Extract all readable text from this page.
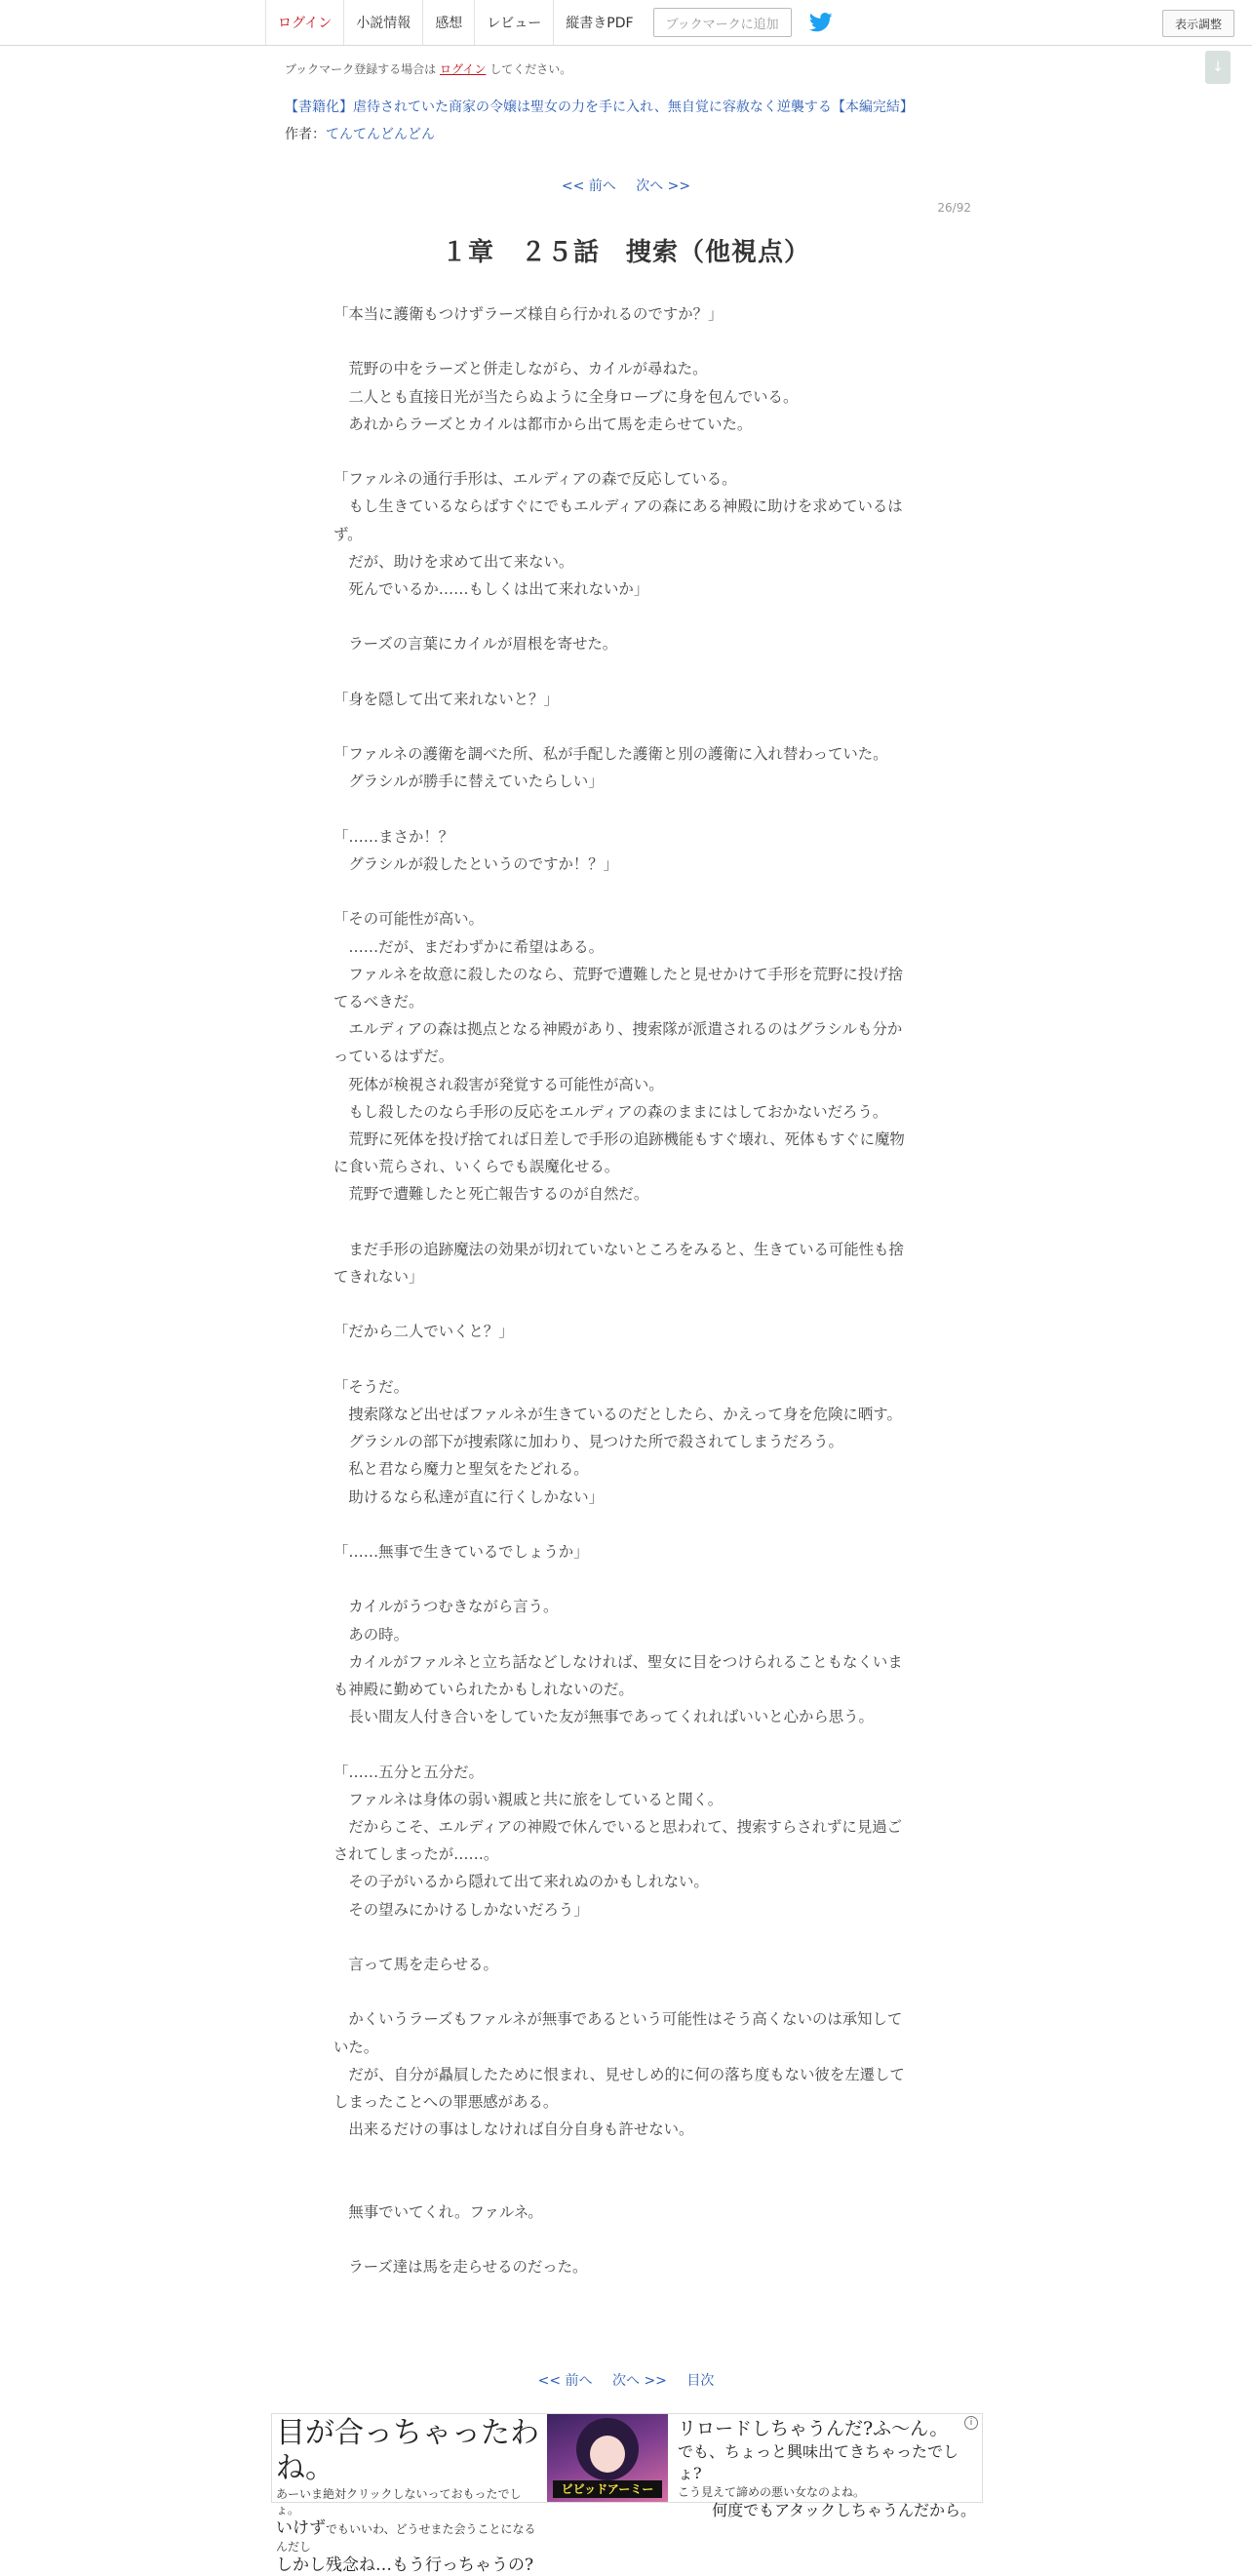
ログイン	小説情報	感想	レビュー	縦書きPDF	ブックマークに追加	表示調整
↓
ブックマーク登録する場合は ログイン してください。
【書籍化】虐待されていた商家の令嬢は聖女の力を手に入れ、無自覚に容赦なく逆襲する【本編完結】作者：てんてんどんどん
<< 前へ 次へ >>
26/92
１章　２５話　捜索（他視点）

「本当に護衛もつけずラーズ様自ら行かれるのですか？」

　荒野の中をラーズと併走しながら、カイルが尋ねた。

　二人とも直接日光が当たらぬように全身ローブに身を包んでいる。

　あれからラーズとカイルは都市から出て馬を走らせていた。

「ファルネの通行手形は、エルディアの森で反応している。

　もし生きているならばすぐにでもエルディアの森にある神殿に助けを求めているはず。

　だが、助けを求めて出て来ない。

　死んでいるか……もしくは出て来れないか」

　ラーズの言葉にカイルが眉根を寄せた。

「身を隠して出て来れないと？」

「ファルネの護衛を調べた所、私が手配した護衛と別の護衛に入れ替わっていた。

　グラシルが勝手に替えていたらしい」

「……まさか！？

　グラシルが殺したというのですか！？」

「その可能性が高い。

　……だが、まだわずかに希望はある。

　ファルネを故意に殺したのなら、荒野で遭難したと見せかけて手形を荒野に投げ捨てるべきだ。

　エルディアの森は拠点となる神殿があり、捜索隊が派遣されるのはグラシルも分かっているはずだ。

　死体が検視され殺害が発覚する可能性が高い。

　もし殺したのなら手形の反応をエルディアの森のままにはしておかないだろう。

　荒野に死体を投げ捨てれば日差しで手形の追跡機能もすぐ壊れ、死体もすぐに魔物に食い荒らされ、いくらでも誤魔化せる。

　荒野で遭難したと死亡報告するのが自然だ。

　まだ手形の追跡魔法の効果が切れていないところをみると、生きている可能性も捨てきれない」

「だから二人でいくと？」

「そうだ。

　捜索隊など出せばファルネが生きているのだとしたら、かえって身を危険に晒す。

　グラシルの部下が捜索隊に加わり、見つけた所で殺されてしまうだろう。

　私と君なら魔力と聖気をたどれる。

　助けるなら私達が直に行くしかない」

「……無事で生きているでしょうか」

　カイルがうつむきながら言う。

　あの時。

　カイルがファルネと立ち話などしなければ、聖女に目をつけられることもなくいまも神殿に勤めていられたかもしれないのだ。

　長い間友人付き合いをしていた友が無事であってくれればいいと心から思う。

「……五分と五分だ。

　ファルネは身体の弱い親戚と共に旅をしていると聞く。

　だからこそ、エルディアの神殿で休んでいると思われて、捜索すらされずに見過ごされてしまったが……。

　その子がいるから隠れて出て来れぬのかもしれない。

　その望みにかけるしかないだろう」

　言って馬を走らせる。

　かくいうラーズもファルネが無事であるという可能性はそう高くないのは承知していた。

　だが、自分が贔屓したために恨まれ、見せしめ的に何の落ち度もない彼を左遷してしまったことへの罪悪感がある。

　出来るだけの事はしなければ自分自身も許せない。

　無事でいてくれ。ファルネ。

　ラーズ達は馬を走らせるのだった。

<< 前へ 次へ >> 目次
目が合っちゃったわね。
あーいま絶対クリックしないっておもったでしょ。
いけずでもいいわ、どうせまた会うことになるんだし
しかし残念ね…もう行っちゃうの?
ビビッドアーミー
リロードしちゃうんだ?ふ～ん。
でも、ちょっと興味出てきちゃったでしょ?
こう見えて諦めの悪い女なのよね。
何度でもアタックしちゃうんだから。
i
